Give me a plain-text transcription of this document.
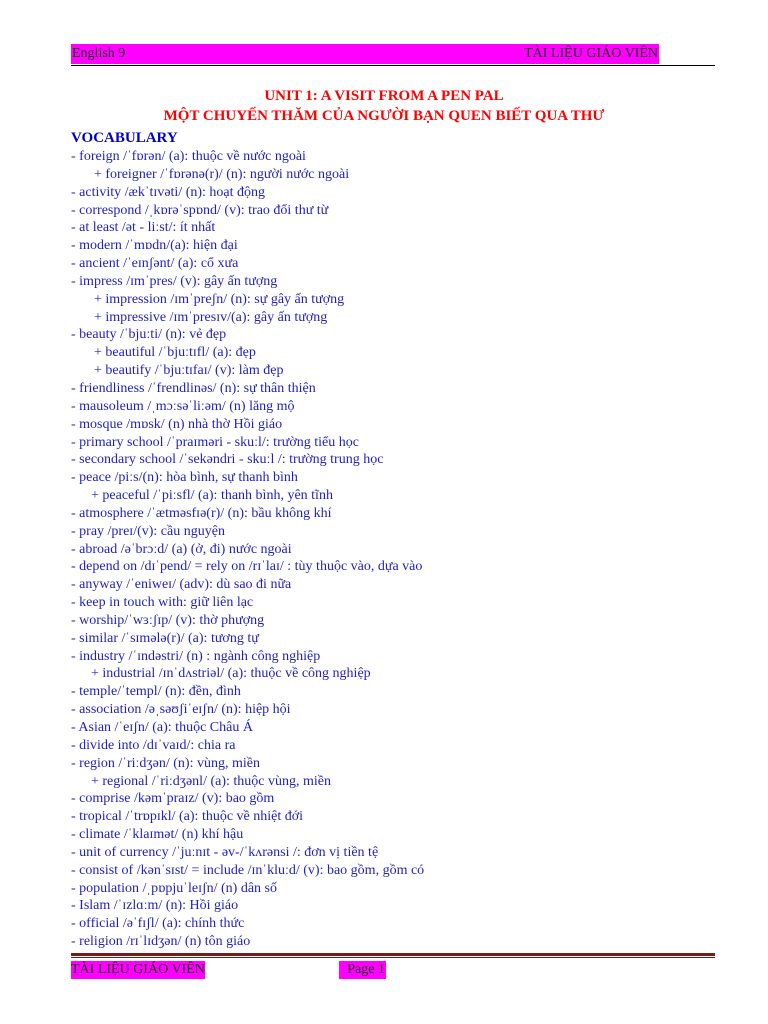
English 9	TÀI LIỆU GIÁO VIÊN
UNIT 1: A VISIT FROM A PEN PAL
MỘT CHUYẾN THĂM CỦA NGƯỜI BẠN QUEN BIẾT QUA THƯ
VOCABULARY
- foreign /ˈfɒrən/ (a): thuộc về nước ngoài
+ foreigner /ˈfɒrənə(r)/ (n): người nước ngoài
- activity /ækˈtɪvəti/ (n): hoạt động
- correspond /ˌkɒrəˈspɒnd/ (v): trao đổi thư từ
- at least /ət - liːst/: ít nhất
- modern /ˈmɒdn/(a): hiện đại
- ancient /ˈeɪnʃənt/ (a): cổ xưa
- impress /ɪmˈpres/ (v): gây ấn tượng
+ impression /ɪmˈpreʃn/ (n): sự gây ấn tượng
+ impressive /ɪmˈpresɪv/(a): gây ấn tượng
- beauty /ˈbjuːti/ (n): vẻ đẹp
+ beautiful /ˈbjuːtɪfl/ (a): đẹp
+ beautify /ˈbjuːtɪfaɪ/ (v): làm đẹp
- friendliness /ˈfrendlinəs/ (n): sự thân thiện
- mausoleum /ˌmɔːsəˈliːəm/ (n) lăng mộ
- mosque /mɒsk/ (n) nhà thờ Hồi giáo
- primary school /ˈpraɪməri - skuːl/: trường tiểu học
- secondary school /ˈsekəndri - skuːl /: trường trung học
- peace /piːs/(n): hòa bình, sự thanh bình
+ peaceful /ˈpiːsfl/ (a): thanh bình, yên tĩnh
- atmosphere /ˈætməsfɪə(r)/ (n): bầu không khí
- pray /preɪ/(v): cầu nguyện
- abroad /əˈbrɔːd/ (a) (ở, đi) nước ngoài
- depend on /dɪˈpend/ = rely on /rɪˈlaɪ/ : tùy thuộc vào, dựa vào
- anyway /ˈeniweɪ/ (adv): dù sao đi nữa
- keep in touch with: giữ liên lạc
- worship/ˈwɜːʃɪp/ (v): thờ phượng
- similar /ˈsɪmələ(r)/ (a): tương tự
- industry /ˈɪndəstri/ (n) : ngành công nghiệp
+ industrial /ɪnˈdʌstriəl/ (a): thuộc về công nghiệp
- temple/ˈtempl/ (n): đền, đình
- association /əˌsəʊʃiˈeɪʃn/ (n): hiệp hội
- Asian /ˈeɪʃn/ (a): thuộc Châu Á
- divide into /dɪˈvaɪd/: chia ra
- region /ˈriːdʒən/ (n): vùng, miền
+ regional /ˈriːdʒənl/ (a): thuộc vùng, miền
- comprise /kəmˈpraɪz/ (v): bao gồm
- tropical /ˈtrɒpɪkl/ (a): thuộc về nhiệt đới
- climate /ˈklaɪmət/ (n) khí hậu
- unit of currency /ˈjuːnɪt - əv-/ˈkʌrənsi /: đơn vị tiền tệ
- consist of /kənˈsɪst/ = include /ɪnˈkluːd/ (v): bao gồm, gồm có
- population /ˌpɒpjuˈleɪʃn/ (n) dân số
- Islam /ˈɪzlɑːm/ (n): Hồi giáo
- official /əˈfɪʃl/ (a): chính thức
- religion /rɪˈlɪdʒən/ (n) tôn giáo
TÀI LIỆU GIÁO VIÊN	Page 1
